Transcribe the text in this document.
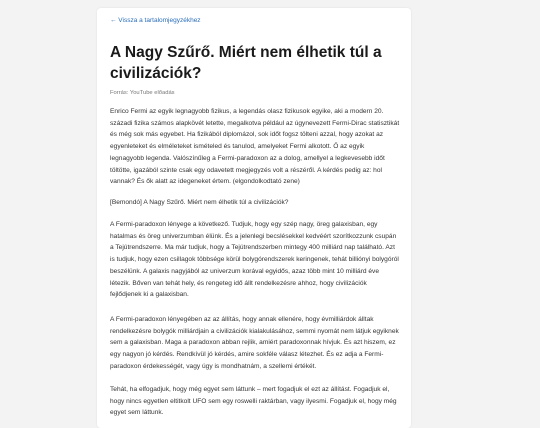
← Vissza a tartalomjegyzékhez
A Nagy Szűrő. Miért nem élhetik túl a civilizációk?
Forrás: YouTube előadás

Enrico Fermi az egyik legnagyobb fizikus, a legendás olasz fizikusok egyike, aki a modern 20. századi fizika számos alapkövét letette, megalkotva például az úgynevezett Fermi-Dirac statisztikát és még sok más egyebet. Ha fizikából diplomázol, sok időt fogsz tölteni azzal, hogy azokat az egyenleteket és elméleteket ismételed és tanulod, amelyeket Fermi alkotott. Ő az egyik legnagyobb legenda. Valószínűleg a Fermi-paradoxon az a dolog, amellyel a legkevesebb időt töltötte, igazából szinte csak egy odavetett megjegyzés volt a részéről. A kérdés pedig az: hol vannak? És ők alatt az idegeneket értem. (elgondolkodtató zene)

[Bemondó] A Nagy Szűrő. Miért nem élhetik túl a civilizációk?

A Fermi-paradoxon lényege a következő. Tudjuk, hogy egy szép nagy, öreg galaxisban, egy hatalmas és öreg univerzumban élünk. És a jelenlegi becslésekkel kedvéért szorítkozzunk csupán a Tejútrendszerre. Ma már tudjuk, hogy a Tejútrendszerben mintegy 400 milliárd nap található. Azt is tudjuk, hogy ezen csillagok többsége körül bolygórendszerek keringenek, tehát billiónyi bolygóról beszélünk. A galaxis nagyjából az univerzum korával egyidős, azaz több mint 10 milliárd éve létezik. Bőven van tehát hely, és rengeteg idő állt rendelkezésre ahhoz, hogy civilizációk fejlődjenek ki a galaxisban.

A Fermi-paradoxon lényegében az az állítás, hogy annak ellenére, hogy évmilliárdok álltak rendelkezésre bolygók milliárdjain a civilizációk kialakulásához, semmi nyomát nem látjuk egyiknek sem a galaxisban. Maga a paradoxon abban rejlik, amiért paradoxonnak hívjuk. És azt hiszem, ez egy nagyon jó kérdés. Rendkívül jó kérdés, amire sokféle válasz létezhet. És ez adja a Fermi-paradoxon érdekességét, vagy úgy is mondhatnám, a szellemi értékét.

Tehát, ha elfogadjuk, hogy még egyet sem láttunk – mert fogadjuk el ezt az állítást. Fogadjuk el, hogy nincs egyetlen eltitkolt UFO sem egy roswelli raktárban, vagy ilyesmi. Fogadjuk el, hogy még egyet sem láttunk.
